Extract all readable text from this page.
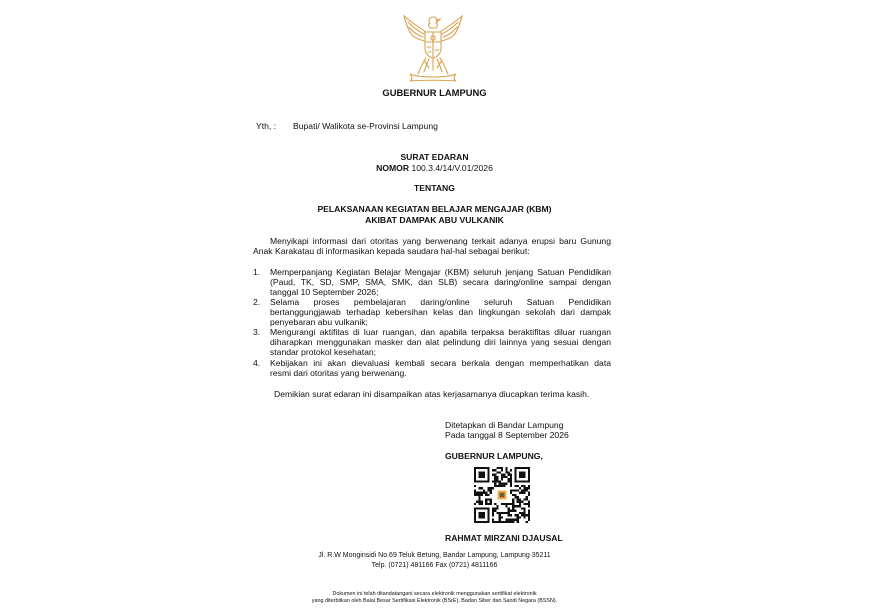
GUBERNUR LAMPUNG
Yth, : Bupati/ Walikota se-Provinsi Lampung
SURAT EDARAN
NOMOR 100.3.4/14/V.01/2026
TENTANG
PELAKSANAAN KEGIATAN BELAJAR MENGAJAR (KBM)
AKIBAT DAMPAK ABU VULKANIK
Menyikapi informasi dari otoritas yang berwenang terkait adanya erupsi baru Gunung
Anak Karakatau di informasikan kepada saudara hal-hal sebagai berikut:
1.	Memperpanjang Kegiatan Belajar Mengajar (KBM) seluruh jenjang Satuan Pendidikan
(Paud, TK, SD, SMP, SMA, SMK, dan SLB) secara daring/online sampai dengan
tanggal 10 September 2026;
2.	Selama proses pembelajaran daring/online seluruh Satuan Pendidikan
bertanggungjawab terhadap kebersihan kelas dan lingkungan sekolah dari dampak
penyebaran abu vulkanik;
3.	Mengurangi aktifitas di luar ruangan, dan apabila terpaksa beraktifitas diluar ruangan
diharapkan menggunakan masker dan alat pelindung diri lainnya yang sesuai dengan
standar protokol kesehatan;
4.	Kebijakan ini akan dievaluasi kembali secara berkala dengan memperhatikan data
resmi dari otoritas yang berwenang.
Demikian surat edaran ini disampaikan atas kerjasamanya diucapkan terima kasih.
Ditetapkan di Bandar Lampung
Pada tanggal 8 September 2026
GUBERNUR LAMPUNG,
RAHMAT MIRZANI DJAUSAL
Jl. R.W Monginsidi No.69 Teluk Betung, Bandar Lampung, Lampung 35211
Telp. (0721) 481166 Fax (0721) 4811166
Dokumen ini telah ditandatangani secara elektronik menggunakan sertifikat elektronik
yang diterbitkan oleh Balai Besar Sertifikasi Elektronik (BSrE), Badan Siber dan Sandi Negara (BSSN).
